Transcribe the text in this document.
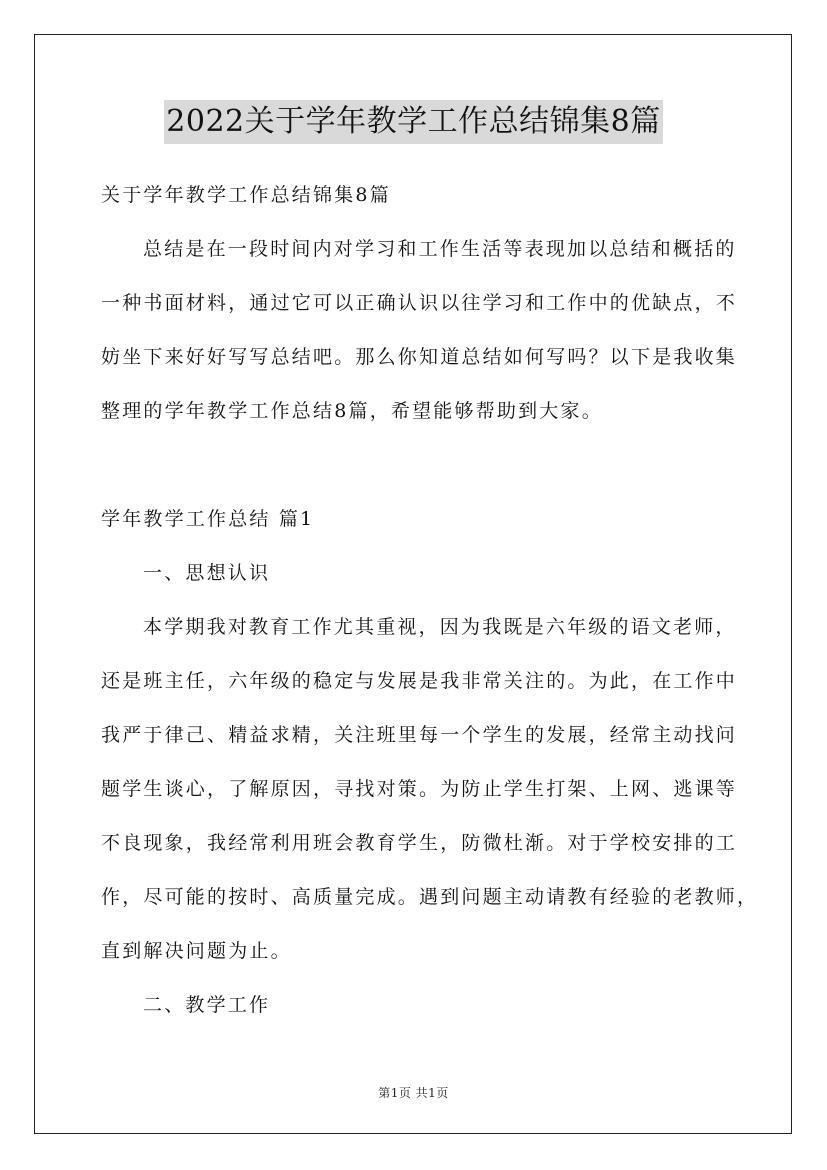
2022关于学年教学工作总结锦集8篇
关于学年教学工作总结锦集8篇
总结是在一段时间内对学习和工作生活等表现加以总结和概括的
一种书面材料，通过它可以正确认识以往学习和工作中的优缺点，不
妨坐下来好好写写总结吧。那么你知道总结如何写吗？以下是我收集
整理的学年教学工作总结8篇，希望能够帮助到大家。
学年教学工作总结 篇1
一、思想认识
本学期我对教育工作尤其重视，因为我既是六年级的语文老师，
还是班主任，六年级的稳定与发展是我非常关注的。为此，在工作中
我严于律己、精益求精，关注班里每一个学生的发展，经常主动找问
题学生谈心，了解原因，寻找对策。为防止学生打架、上网、逃课等
不良现象，我经常利用班会教育学生，防微杜渐。对于学校安排的工
作，尽可能的按时、高质量完成。遇到问题主动请教有经验的老教师，
直到解决问题为止。
二、教学工作
第1页 共1页
